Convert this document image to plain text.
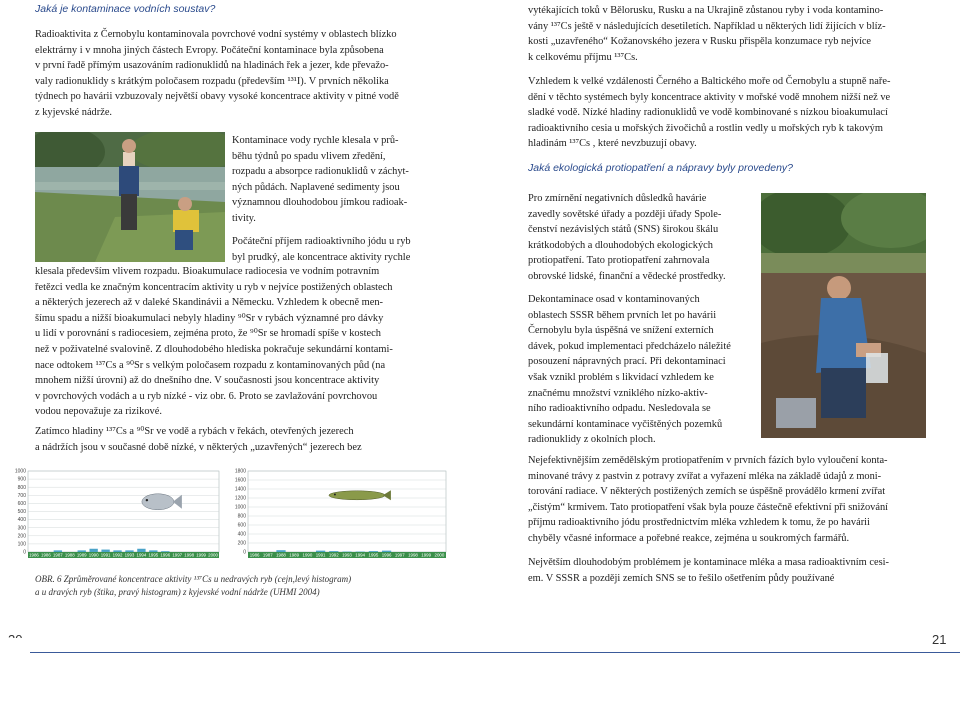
Jaká je kontaminace vodních soustav?

Radioaktivita z Černobylu kontaminovala povrchové vodní systémy v oblastech blízko

elektrárny i v mnoha jiných částech Evropy. Počáteční kontaminace byla způsobena

v první řadě přímým usazováním radionuklidů na hladinách řek a jezer, kde převažo-

valy radionuklidy s krátkým poločasem rozpadu (především ¹³¹I). V prvních několika

týdnech po havárii vzbuzovaly největší obavy vysoké koncentrace aktivity v pitné vodě

z kyjevské nádrže.

Kontaminace vody rychle klesala v prů-

běhu týdnů po spadu vlivem zředění,

rozpadu a absorpce radionuklidů v záchyt-

ných půdách. Naplavené sedimenty jsou

významnou dlouhodobou jímkou radioak-

tivity.

Počáteční příjem radioaktivního jódu u ryb

byl prudký, ale koncentrace aktivity rychle

klesala především vlivem rozpadu. Bioakumulace radiocesia ve vodním potravním

řetězci vedla ke značným koncentracím aktivity u ryb v nejvíce postižených oblastech

a některých jezerech až v daleké Skandinávii a Německu. Vzhledem k obecně men-

šímu spadu a nižší bioakumulaci nebyly hladiny ⁹⁰Sr v rybách významné pro dávky

u lidí v porovnání s radiocesiem, zejména proto, že ⁹⁰Sr se hromadí spíše v kostech

než v poživatelné svalovině. Z dlouhodobého hlediska pokračuje sekundární kontami-

nace odtokem ¹³⁷Cs a ⁹⁰Sr s velkým poločasem rozpadu z kontaminovaných půd (na

mnohem nižší úrovni) až do dnešního dne. V současnosti jsou koncentrace aktivity

v povrchových vodách a u ryb nízké - viz obr. 6. Proto se zavlažování povrchovou

vodou nepovažuje za rizikové.

Zatímco hladiny ¹³⁷Cs a ⁹⁰Sr ve vodě a rybách v řekách, otevřených jezerech

a nádržích jsou v současné době nízké, v některých „uzavřených“ jezerech bez

0
100
200
300
400
500
600
700
800
900
1000
1986 1986 1987 1988 1989 1990 1991 1992 1993 1994 1995 1996 1997 1998 1999 2000	0
200
400
600
800
1000
1200
1400
1600
1800
1986 1987 1988 1989 1990 1991 1992 1993 1994 1995 1996 1997 1998 1999 2000
OBR. 6 Zprůměrované koncentrace aktivity ¹³⁷Cs u nedravých ryb (cejn,levý histogram)
a u dravých ryb (štika, pravý histogram) z kyjevské vodní nádrže (UHMI 2004)
21

vytékajících toků v Bělorusku, Rusku a na Ukrajině zůstanou ryby i voda kontamino-

vány ¹³⁷Cs ještě v následujících desetiletích. Například u některých lidí žijících v blíz-

kosti „uzavřeného“ Kožanovského jezera v Rusku přispěla konzumace ryb nejvíce

k celkovému příjmu ¹³⁷Cs.

Vzhledem k velké vzdálenosti Černého a Baltického moře od Černobylu a stupně naře-

dění v těchto systémech byly koncentrace aktivity v mořské vodě mnohem nižší než ve

sladké vodě. Nízké hladiny radionuklidů ve vodě kombinované s nízkou bioakumulací

radioaktivního cesia u mořských živočichů a rostlin vedly u mořských ryb k takovým

hladinám ¹³⁷Cs , které nevzbuzují obavy.

Jaká ekologická protiopatření a nápravy byly provedeny?

Pro zmírnění negativních důsledků havárie

zavedly sovětské úřady a později úřady Spole-

čenství nezávislých států (SNS) širokou škálu

krátkodobých a dlouhodobých ekologických

protiopatření. Tato protiopatření zahrnovala

obrovské lidské, finanční a vědecké prostředky.

Dekontaminace osad v kontaminovaných

oblastech SSSR během prvních let po havárii

Černobylu byla úspěšná ve snížení externích

dávek, pokud implementaci předcházelo náležité

posouzení nápravných prací. Při dekontaminaci

však vznikl problém s likvidací vzhledem ke

značnému množství vzniklého nízko-aktiv-

ního radioaktivního odpadu. Nesledovala se

sekundární kontaminace vyčištěných pozemků

radionuklidy z okolních ploch.

Nejefektivnějším zemědělským protiopatřením v prvních fázích bylo vyloučení konta-

minované trávy z pastvin z potravy zvířat a vyřazení mléka na základě údajů z moni-

torování radiace. V některých postižených zemích se úspěšně provádělo krmení zvířat

„čistým“ krmivem. Tato protiopatření však byla pouze částečně efektivní při snižování

příjmu radioaktivního jódu prostřednictvím mléka vzhledem k tomu, že po havárii

chyběly včasné informace a pořebné reakce, zejména u soukromých farmářů.

Největším dlouhodobým problémem je kontaminace mléka a masa radioaktivním cesi-

em. V SSSR a později zemích SNS se to řešilo ošetřením půdy používané
